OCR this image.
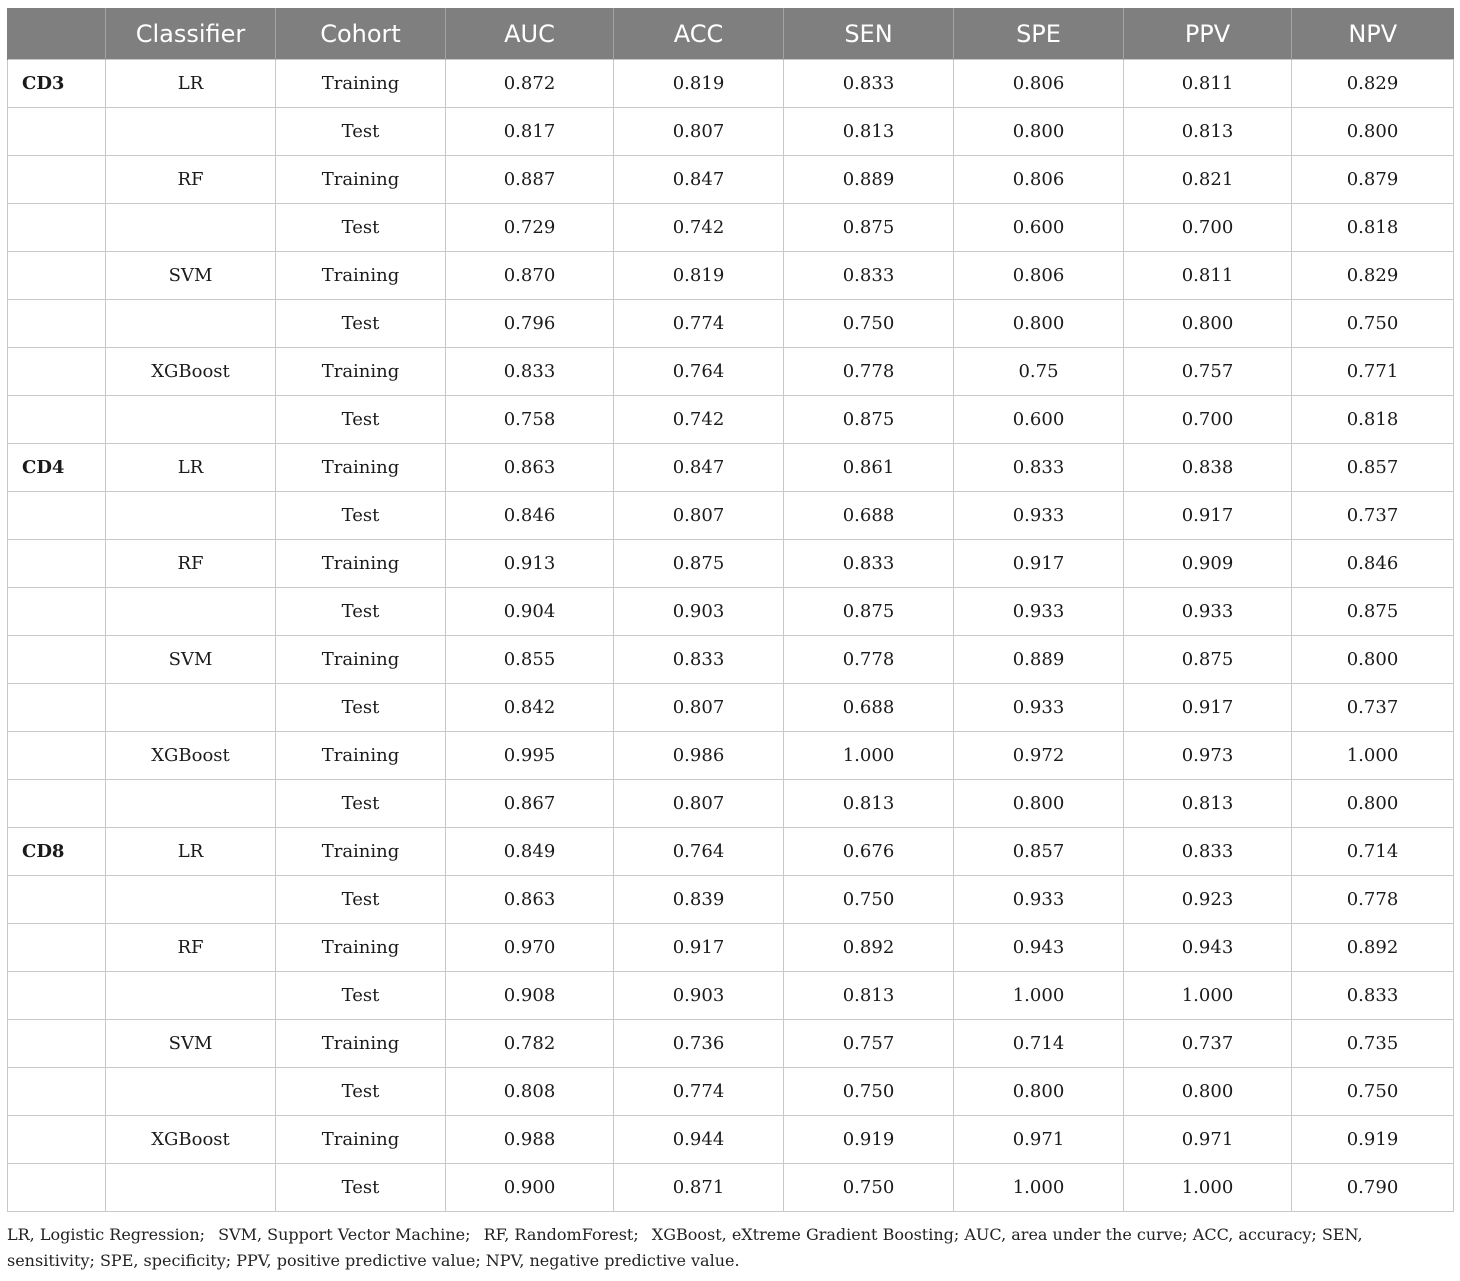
	Classifier	Cohort	AUC	ACC	SEN	SPE	PPV	NPV
CD3	LR	Training	0.872	0.819	0.833	0.806	0.811	0.829
		Test	0.817	0.807	0.813	0.800	0.813	0.800
	RF	Training	0.887	0.847	0.889	0.806	0.821	0.879
		Test	0.729	0.742	0.875	0.600	0.700	0.818
	SVM	Training	0.870	0.819	0.833	0.806	0.811	0.829
		Test	0.796	0.774	0.750	0.800	0.800	0.750
	XGBoost	Training	0.833	0.764	0.778	0.75	0.757	0.771
		Test	0.758	0.742	0.875	0.600	0.700	0.818
CD4	LR	Training	0.863	0.847	0.861	0.833	0.838	0.857
		Test	0.846	0.807	0.688	0.933	0.917	0.737
	RF	Training	0.913	0.875	0.833	0.917	0.909	0.846
		Test	0.904	0.903	0.875	0.933	0.933	0.875
	SVM	Training	0.855	0.833	0.778	0.889	0.875	0.800
		Test	0.842	0.807	0.688	0.933	0.917	0.737
	XGBoost	Training	0.995	0.986	1.000	0.972	0.973	1.000
		Test	0.867	0.807	0.813	0.800	0.813	0.800
CD8	LR	Training	0.849	0.764	0.676	0.857	0.833	0.714
		Test	0.863	0.839	0.750	0.933	0.923	0.778
	RF	Training	0.970	0.917	0.892	0.943	0.943	0.892
		Test	0.908	0.903	0.813	1.000	1.000	0.833
	SVM	Training	0.782	0.736	0.757	0.714	0.737	0.735
		Test	0.808	0.774	0.750	0.800	0.800	0.750
	XGBoost	Training	0.988	0.944	0.919	0.971	0.971	0.919
		Test	0.900	0.871	0.750	1.000	1.000	0.790
LR, Logistic Regression;  SVM, Support Vector Machine;  RF, RandomForest;  XGBoost, eXtreme Gradient Boosting; AUC, area under the curve; ACC, accuracy; SEN, sensitivity; SPE, specificity; PPV, positive predictive value; NPV, negative predictive value.
